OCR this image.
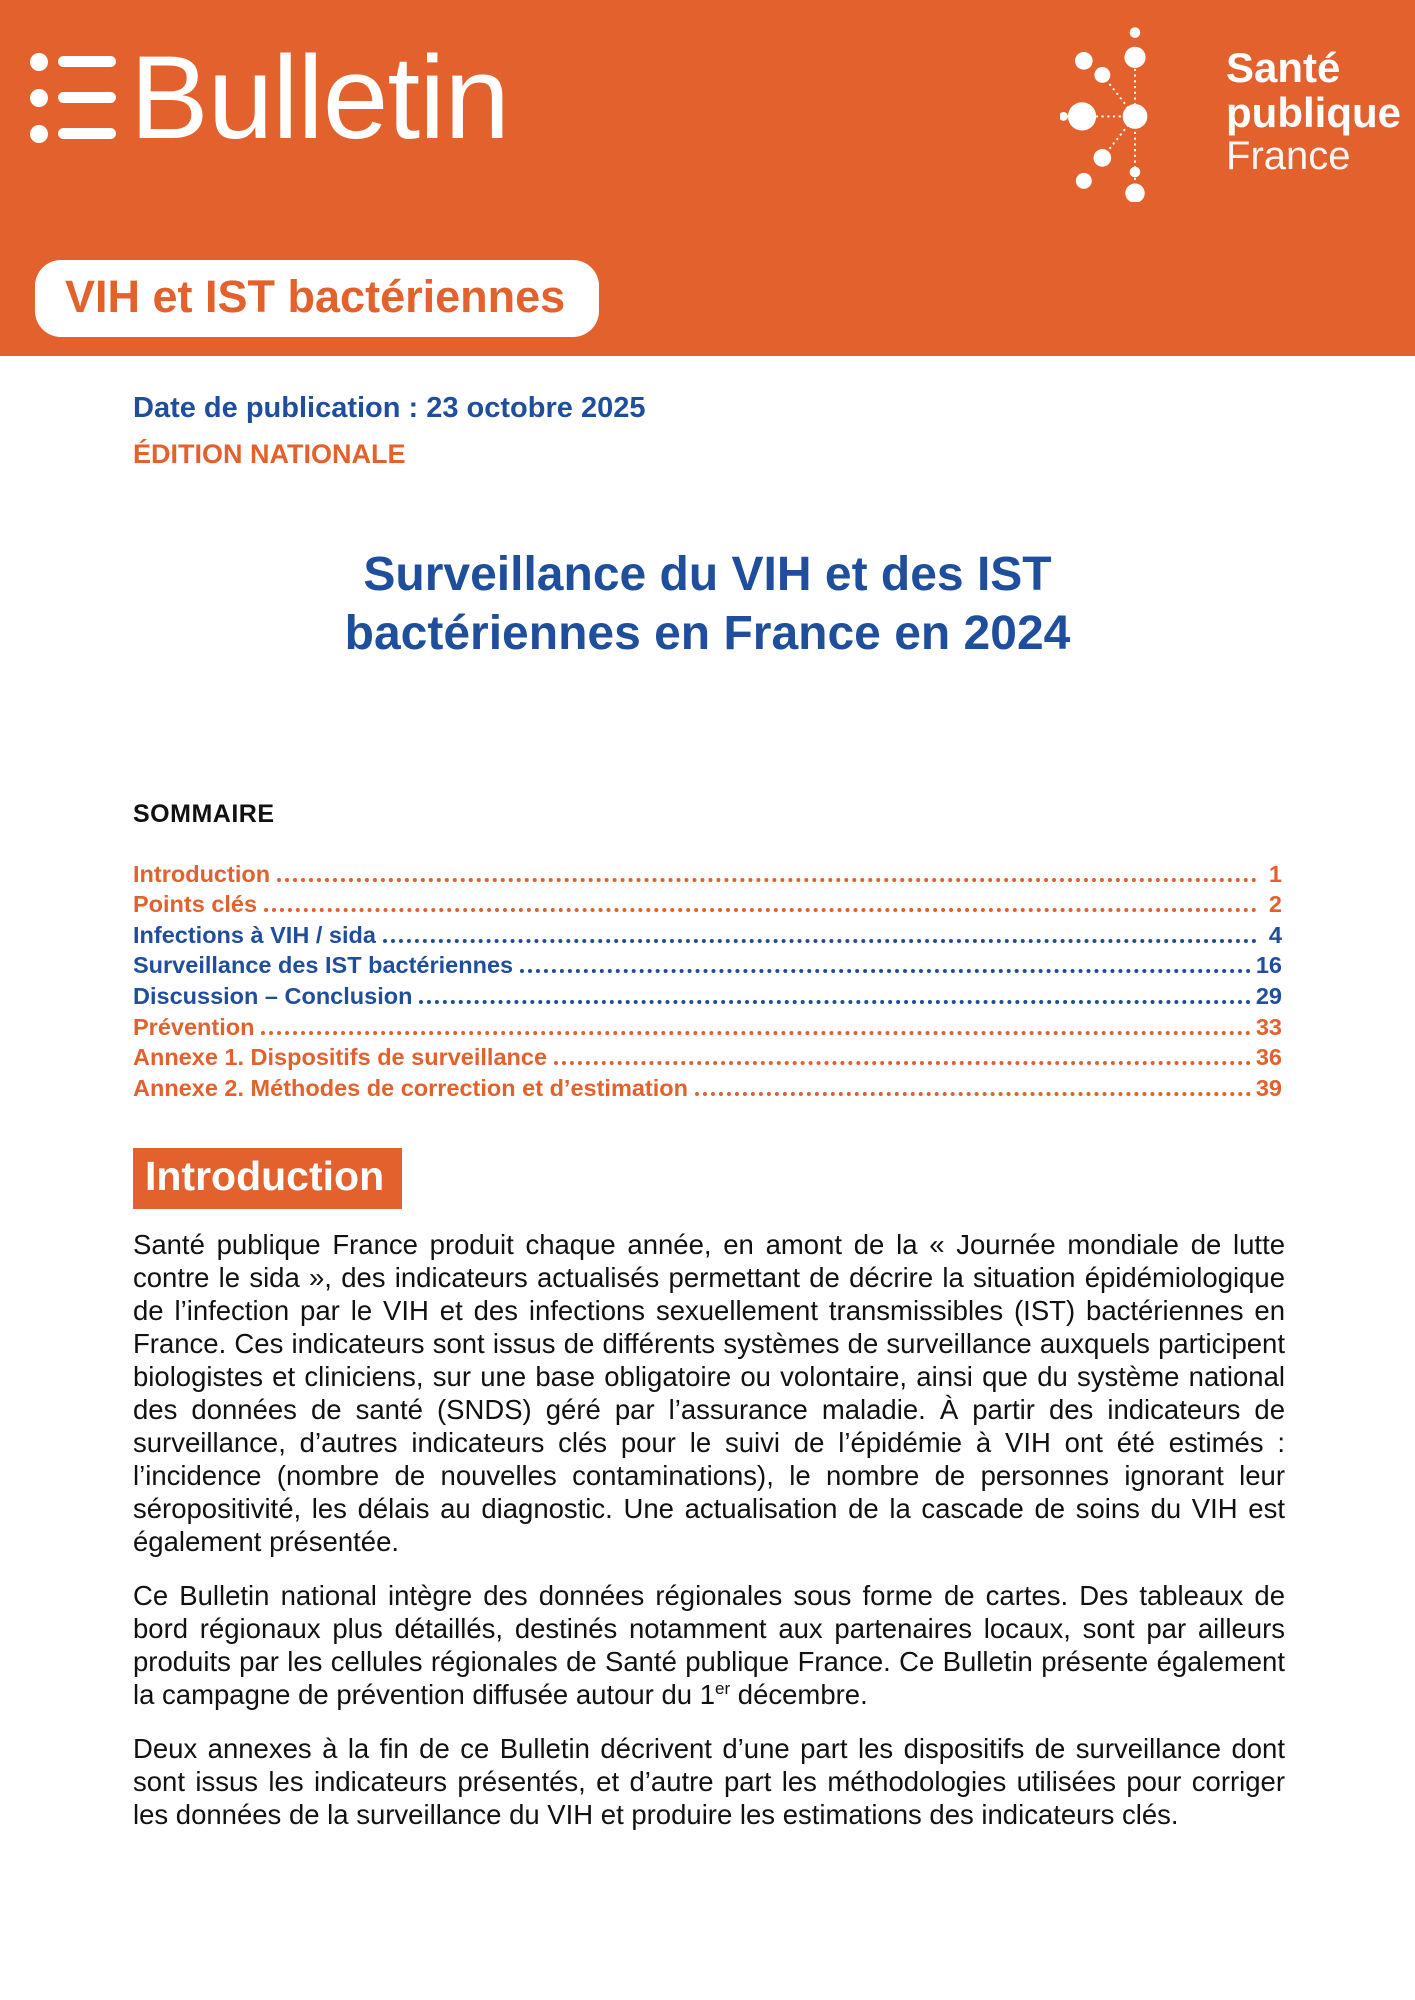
Bulletin	Santé
publique
France
VIH et IST bactériennes
Date de publication : 23 octobre 2025
ÉDITION NATIONALE
Surveillance du VIH et des IST
bactériennes en France en 2024
SOMMAIRE
Introduction	1
Points clés	2
Infections à VIH / sida	4
Surveillance des IST bactériennes	16
Discussion – Conclusion	29
Prévention	33
Annexe 1. Dispositifs de surveillance	36
Annexe 2. Méthodes de correction et d’estimation	39
Introduction

Santé publique France produit chaque année, en amont de la « Journée mondiale de lutte contre le sida », des indicateurs actualisés permettant de décrire la situation épidémiologique de l’infection par le VIH et des infections sexuellement transmissibles (IST) bactériennes en France. Ces indicateurs sont issus de différents systèmes de surveillance auxquels participent biologistes et cliniciens, sur une base obligatoire ou volontaire, ainsi que du système national des données de santé (SNDS) géré par l’assurance maladie. À partir des indicateurs de surveillance, d’autres indicateurs clés pour le suivi de l’épidémie à VIH ont été estimés : l’incidence (nombre de nouvelles contaminations), le nombre de personnes ignorant leur séropositivité, les délais au diagnostic. Une actualisation de la cascade de soins du VIH est également présentée.

Ce Bulletin national intègre des données régionales sous forme de cartes. Des tableaux de bord régionaux plus détaillés, destinés notamment aux partenaires locaux, sont par ailleurs produits par les cellules régionales de Santé publique France. Ce Bulletin présente également la campagne de prévention diffusée autour du 1er décembre.

Deux annexes à la fin de ce Bulletin décrivent d’une part les dispositifs de surveillance dont sont issus les indicateurs présentés, et d’autre part les méthodologies utilisées pour corriger les données de la surveillance du VIH et produire les estimations des indicateurs clés.
